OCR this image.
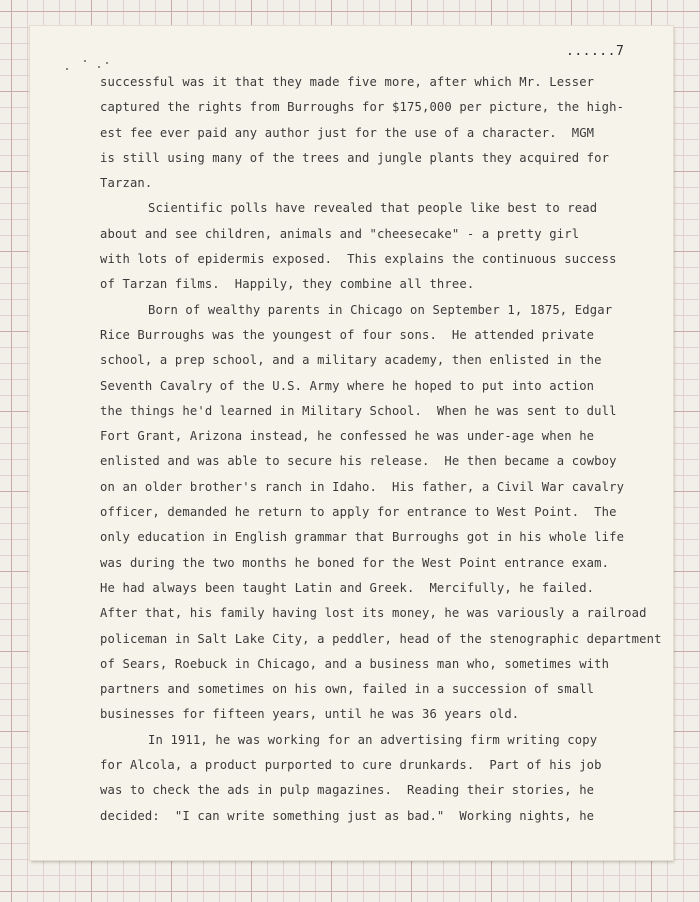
......7
successful was it that they made five more, after which Mr. Lesser
captured the rights from Burroughs for $175,000 per picture, the high-
est fee ever paid any author just for the use of a character.  MGM
is still using many of the trees and jungle plants they acquired for
Tarzan.
Scientific polls have revealed that people like best to read
about and see children, animals and "cheesecake" - a pretty girl
with lots of epidermis exposed.  This explains the continuous success
of Tarzan films.  Happily, they combine all three.
Born of wealthy parents in Chicago on September 1, 1875, Edgar
Rice Burroughs was the youngest of four sons.  He attended private
school, a prep school, and a military academy, then enlisted in the
Seventh Cavalry of the U.S. Army where he hoped to put into action
the things he'd learned in Military School.  When he was sent to dull
Fort Grant, Arizona instead, he confessed he was under-age when he
enlisted and was able to secure his release.  He then became a cowboy
on an older brother's ranch in Idaho.  His father, a Civil War cavalry
officer, demanded he return to apply for entrance to West Point.  The
only education in English grammar that Burroughs got in his whole life
was during the two months he boned for the West Point entrance exam.
He had always been taught Latin and Greek.  Mercifully, he failed.
After that, his family having lost its money, he was variously a railroad
policeman in Salt Lake City, a peddler, head of the stenographic department
of Sears, Roebuck in Chicago, and a business man who, sometimes with
partners and sometimes on his own, failed in a succession of small
businesses for fifteen years, until he was 36 years old.
In 1911, he was working for an advertising firm writing copy
for Alcola, a product purported to cure drunkards.  Part of his job
was to check the ads in pulp magazines.  Reading their stories, he
decided:  "I can write something just as bad."  Working nights, he
